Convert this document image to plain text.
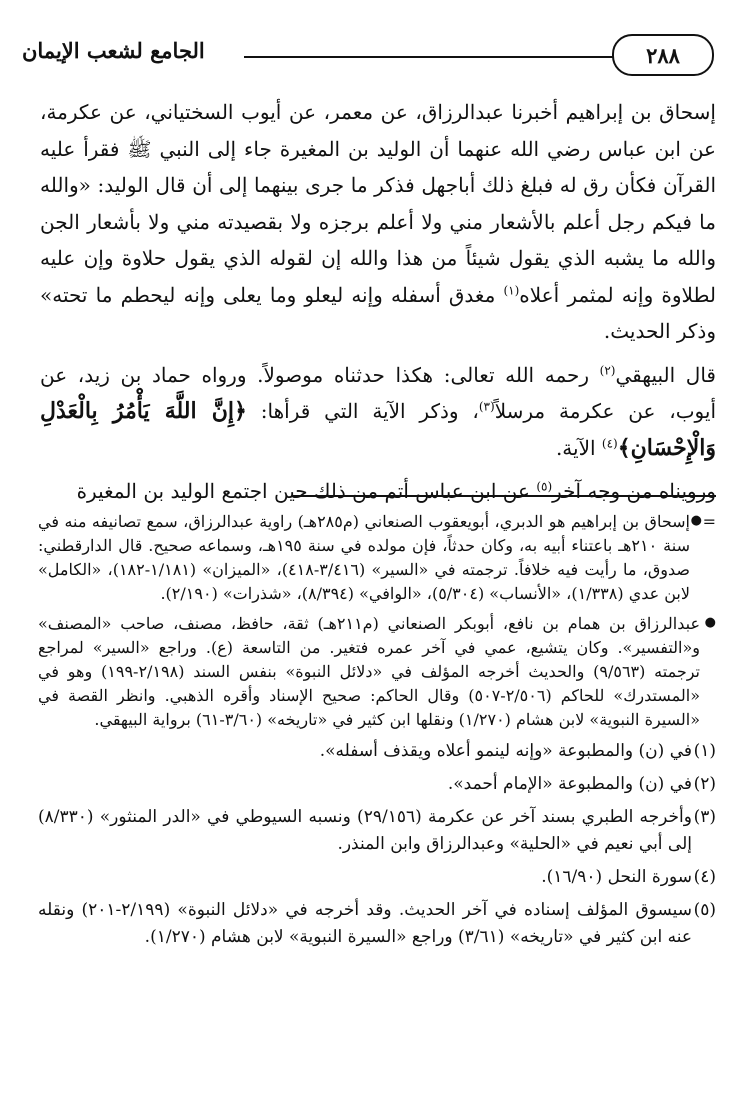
٢٨٨
الجامع لشعب الإيمان

إسحاق بن إبراهيم أخبرنا عبدالرزاق، عن معمر، عن أيوب السختياني، عن عكرمة، عن ابن عباس رضي الله عنهما أن الوليد بن المغيرة جاء إلى النبي ﷺ فقرأ عليه القرآن فكأن رق له فبلغ ذلك أباجهل فذكر ما جرى بينهما إلى أن قال الوليد: «والله ما فيكم رجل أعلم بالأشعار مني ولا أعلم برجزه ولا بقصيدته مني ولا بأشعار الجن والله ما يشبه الذي يقول شيئاً من هذا والله إن لقوله الذي يقول حلاوة وإن عليه لطلاوة وإنه لمثمر أعلاه$^{(١)}$ مغدق أسفله وإنه ليعلو وما يعلى وإنه ليحطم ما تحته» وذكر الحديث.

قال البيهقي$^{(٢)}$ رحمه الله تعالى: هكذا حدثناه موصولاً. ورواه حماد بن زيد، عن أيوب، عن عكرمة مرسلاً$^{(٣)}$، وذكر الآية التي قرأها: ﴿إِنَّ اللَّهَ يَأْمُرُ بِالْعَدْلِ وَالْإِحْسَانِ﴾$^{(٤)}$ الآية.

ورويناه من وجه آخر$^{(٥)}$ عن ابن عباس أتم من ذلك حين اجتمع الوليد بن المغيرة

=
●
إسحاق بن إبراهيم هو الدبري، أبويعقوب الصنعاني (م٢٨٥هـ) راوية عبدالرزاق، سمع تصانيفه منه في سنة ٢١٠هـ باعتناء أبيه به، وكان حدثاً، فإن مولده في سنة ١٩٥هـ، وسماعه صحيح. قال الدارقطني: صدوق، ما رأيت فيه خلافاً. ترجمته في «السير» (٣/٤١٦-٤١٨)، «الميزان» (١/١٨١-١٨٢)، «الكامل» لابن عدي (١/٣٣٨)، «الأنساب» (٥/٣٠٤)، «الوافي» (٨/٣٩٤)، «شذرات» (٢/١٩٠).
●
عبدالرزاق بن همام بن نافع، أبوبكر الصنعاني (م٢١١هـ) ثقة، حافظ، مصنف، صاحب «المصنف» و«التفسير». وكان يتشيع، عمي في آخر عمره فتغير. من التاسعة (ع). وراجع «السير» لمراجع ترجمته (٩/٥٦٣) والحديث أخرجه المؤلف في «دلائل النبوة» بنفس السند (٢/١٩٨-١٩٩) وهو في «المستدرك» للحاكم (٢/٥٠٦-٥٠٧) وقال الحاكم: صحيح الإسناد وأقره الذهبي. وانظر القصة في «السيرة النبوية» لابن هشام (١/٢٧٠) ونقلها ابن كثير في «تاريخه» (٣/٦٠-٦١) برواية البيهقي.
(١)
في (ن) والمطبوعة «وإنه لينمو أعلاه ويقذف أسفله».
(٢)
في (ن) والمطبوعة «الإمام أحمد».
(٣)
وأخرجه الطبري بسند آخر عن عكرمة (٢٩/١٥٦) ونسبه السيوطي في «الدر المنثور» (٨/٣٣٠) إلى أبي نعيم في «الحلية» وعبدالرزاق وابن المنذر.
(٤)
سورة النحل (١٦/٩٠).
(٥)
سيسوق المؤلف إسناده في آخر الحديث. وقد أخرجه في «دلائل النبوة» (٢/١٩٩-٢٠١) ونقله عنه ابن كثير في «تاريخه» (٣/٦١) وراجع «السيرة النبوية» لابن هشام (١/٢٧٠).
